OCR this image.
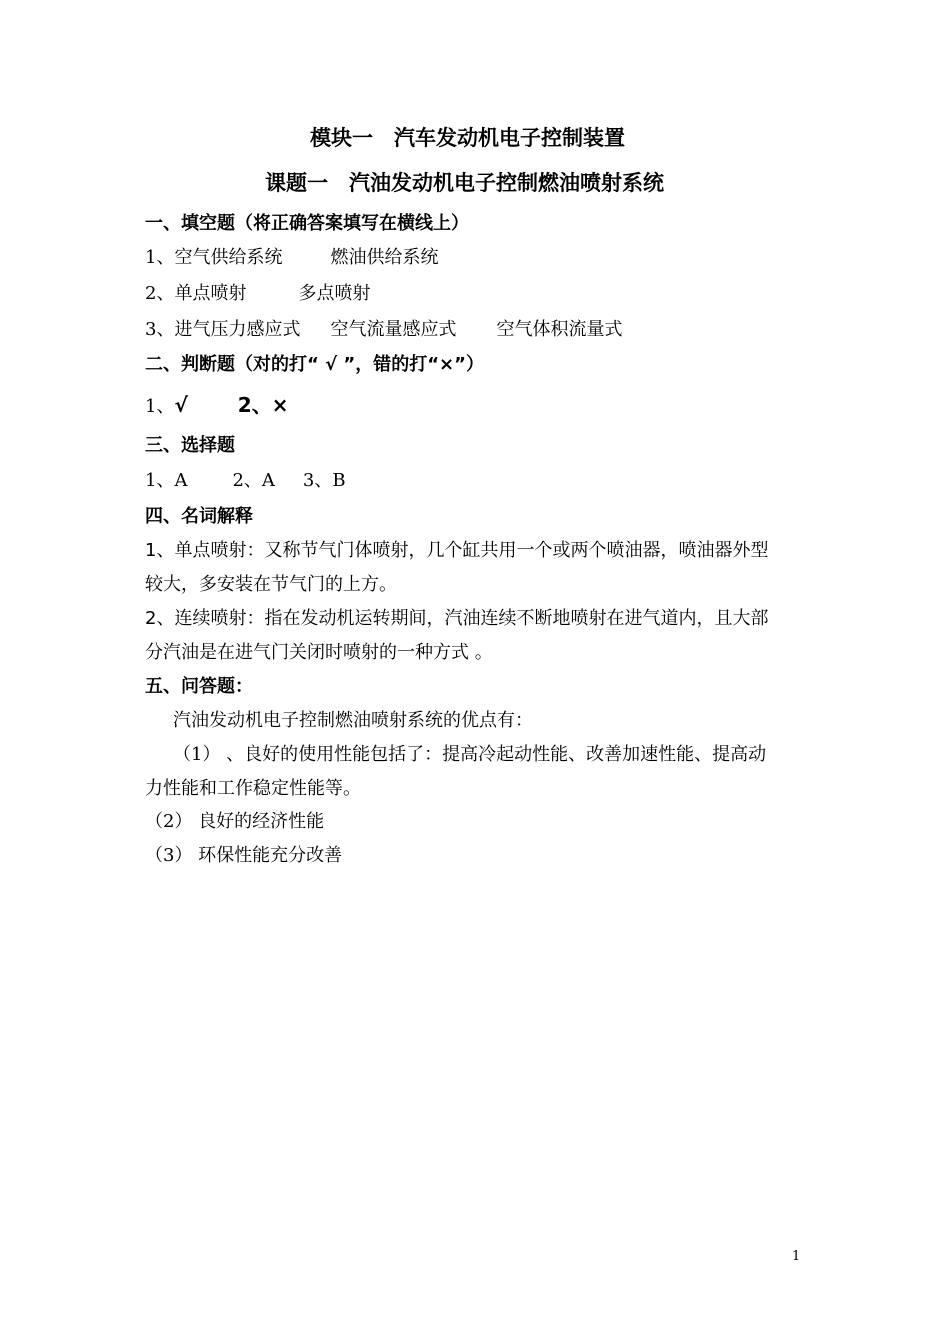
模块一　汽车发动机电子控制装置
课题一　汽油发动机电子控制燃油喷射系统
一、填空题（将正确答案填写在横线上）
1、空气供给系统	燃油供给系统
2、单点喷射	多点喷射
3、进气压力感应式 空气流量感应式 空气体积流量式
二、判断题（对的打“ √ ”，错的打“×”）
1、√	2、×
三、选择题
1、A	2、A 3、B
四、名词解释
1、单点喷射：又称节气门体喷射，几个缸共用一个或两个喷油器，喷油器外型
较大，多安装在节气门的上方。
2、连续喷射：指在发动机运转期间，汽油连续不断地喷射在进气道内，且大部
分汽油是在进气门关闭时喷射的一种方式 。
五、问答题：
汽油发动机电子控制燃油喷射系统的优点有：
（1） 、良好的使用性能包括了：提高冷起动性能、改善加速性能、提高动
力性能和工作稳定性能等。
（2） 良好的经济性能
（3） 环保性能充分改善
1
